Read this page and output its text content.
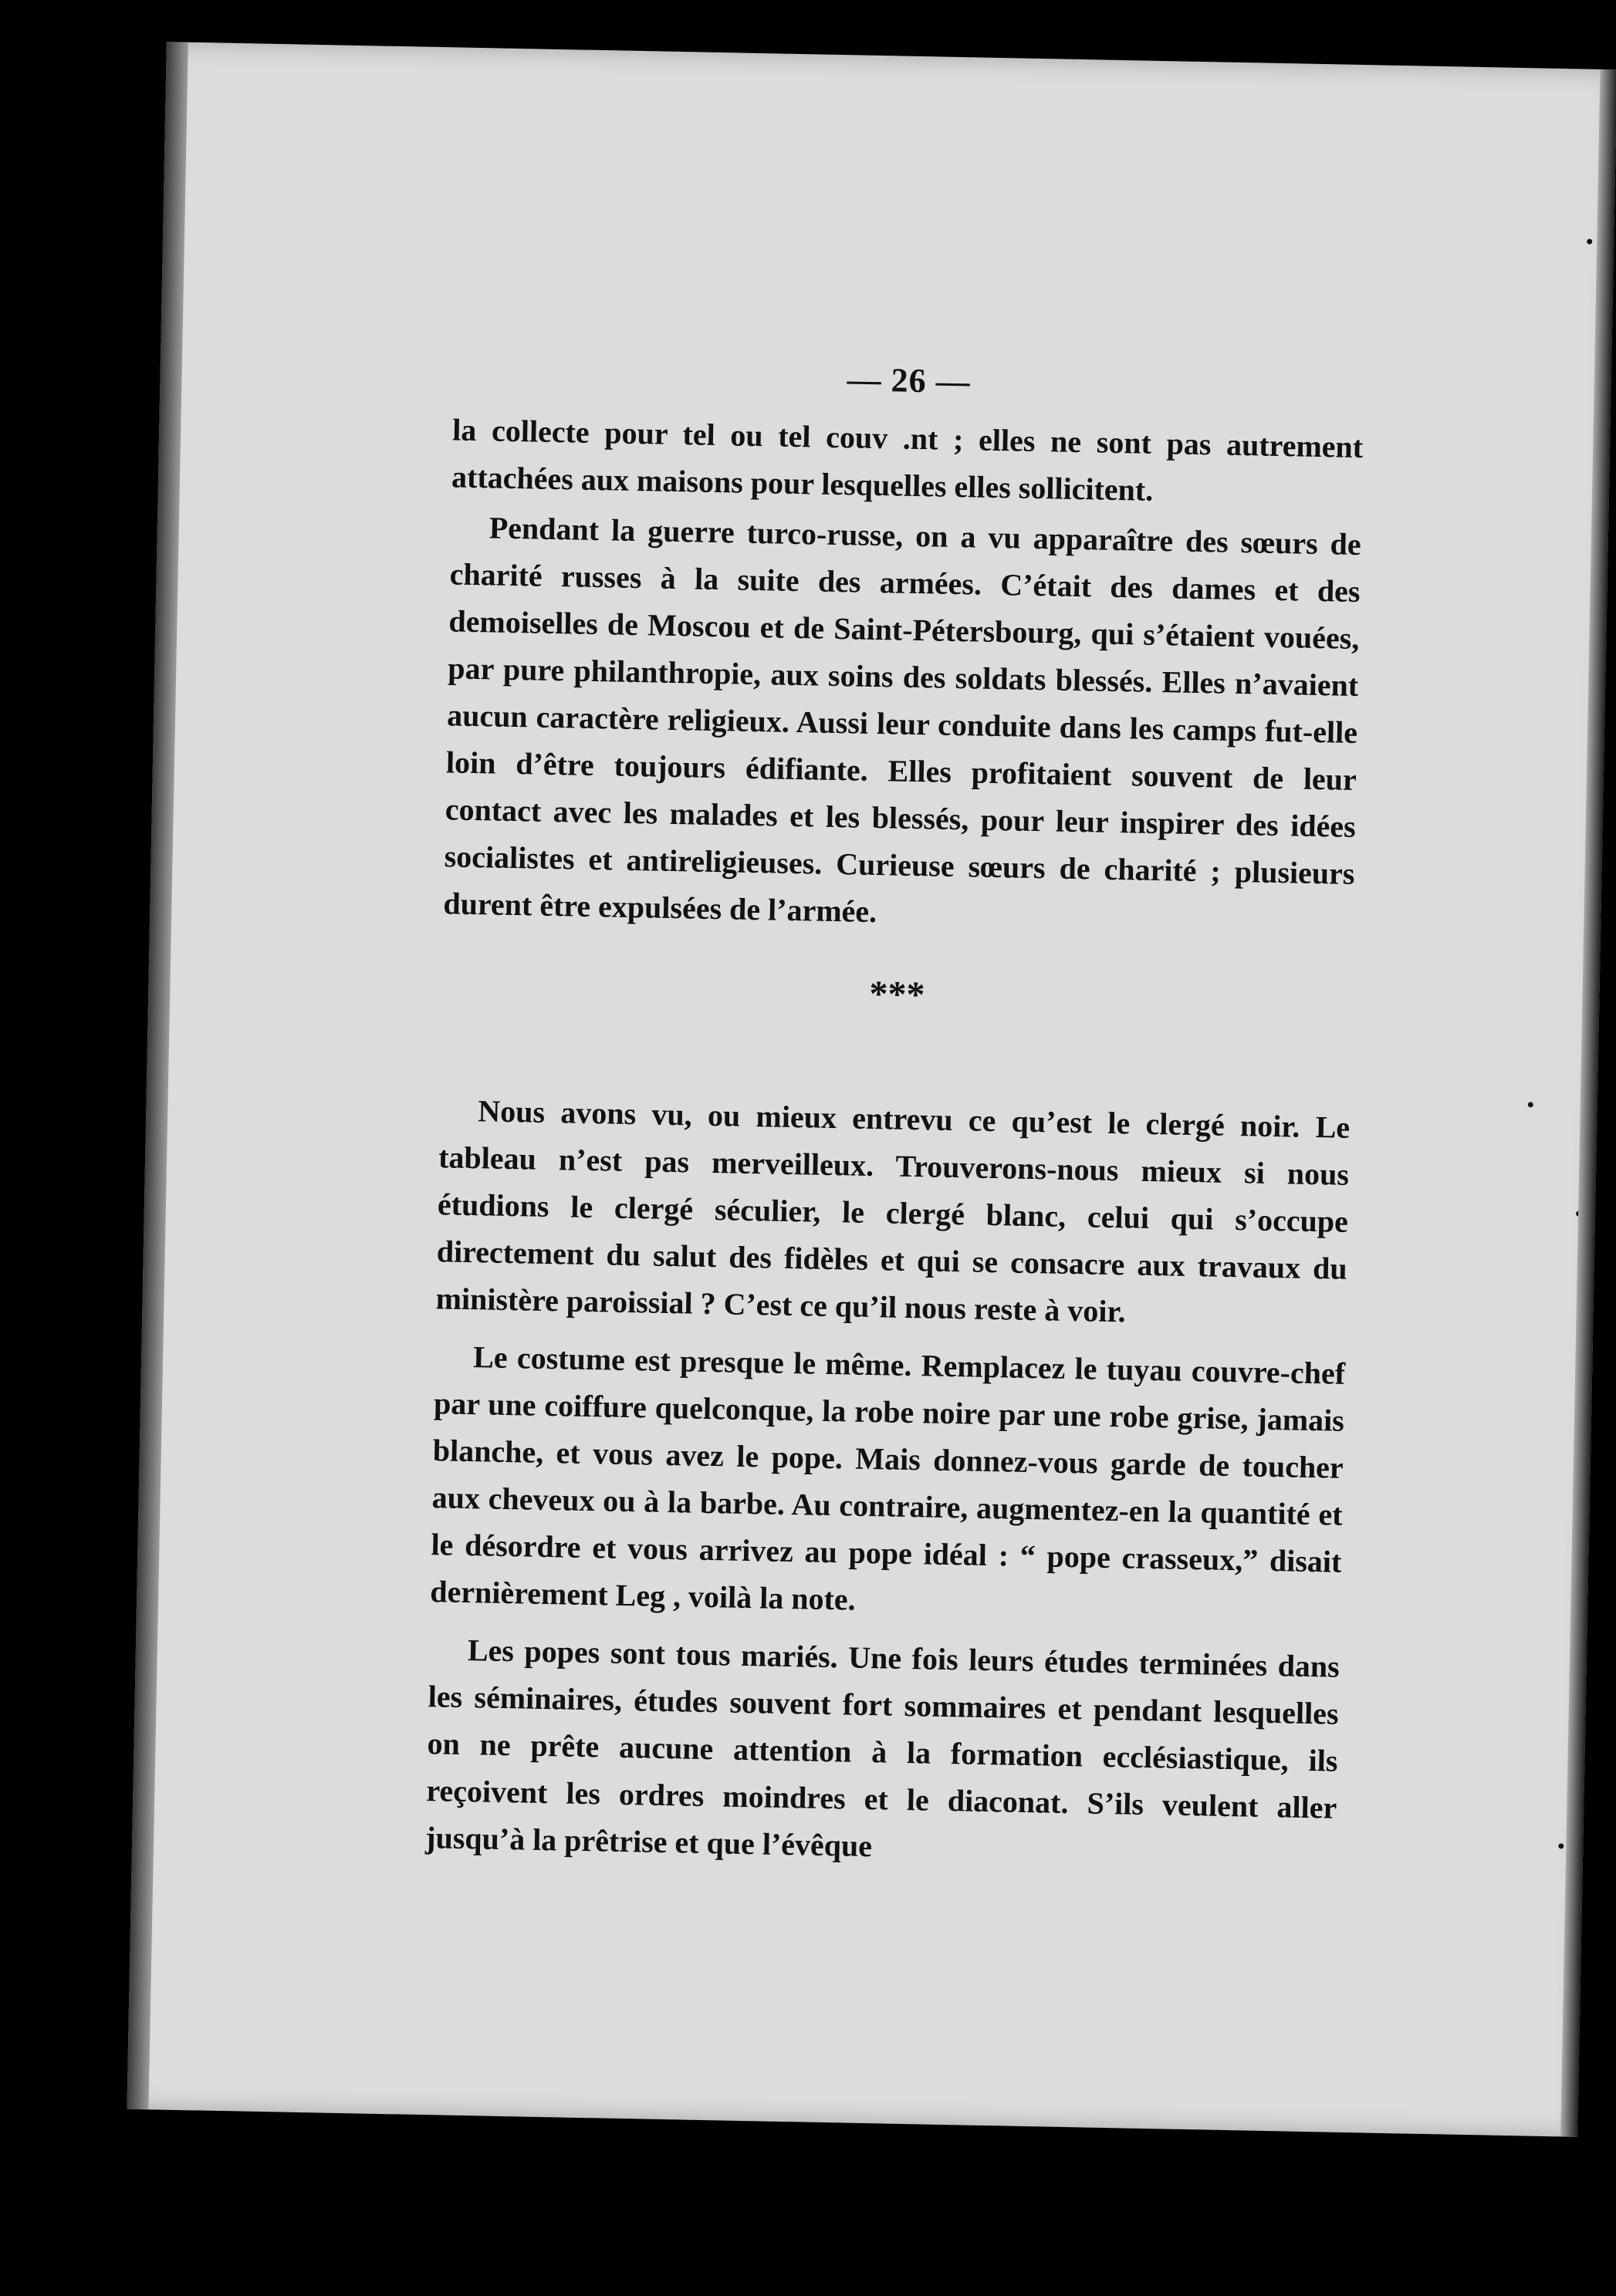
— 26 —

la collecte pour tel ou tel couv .nt ; elles ne sont pas autrement attachées aux maisons pour lesquelles elles sollicitent.

Pendant la guerre turco-russe, on a vu apparaître des sœurs de charité russes à la suite des armées. C’était des dames et des demoiselles de Moscou et de Saint-Pétersbourg, qui s’étaient vouées, par pure philanthropie, aux soins des soldats blessés. Elles n’avaient aucun caractère religieux. Aussi leur conduite dans les camps fut-elle loin d’être toujours édifiante. Elles profitaient souvent de leur contact avec les malades et les blessés, pour leur inspirer des idées socialistes et antireligieuses. Curieuse sœurs de charité ; plusieurs durent être expulsées de l’armée.

***

Nous avons vu, ou mieux entrevu ce qu’est le clergé noir. Le tableau n’est pas merveilleux. Trouverons-nous mieux si nous étudions le clergé séculier, le clergé blanc, celui qui s’occupe directement du salut des fidèles et qui se consacre aux travaux du ministère paroissial ? C’est ce qu’il nous reste à voir.

Le costume est presque le même. Remplacez le tuyau couvre-chef par une coiffure quelconque, la robe noire par une robe grise, jamais blanche, et vous avez le pope. Mais donnez-vous garde de toucher aux cheveux ou à la barbe. Au contraire, augmentez-en la quantité et le désordre et vous arrivez au pope idéal : “ pope crasseux,” disait dernièrement Leg , voilà la note.

Les popes sont tous mariés. Une fois leurs études terminées dans les séminaires, études souvent fort sommaires et pendant lesquelles on ne prête aucune attention à la formation ecclésiastique, ils reçoivent les ordres moindres et le diaconat. S’ils veulent aller jusqu’à la prêtrise et que l’évêque
